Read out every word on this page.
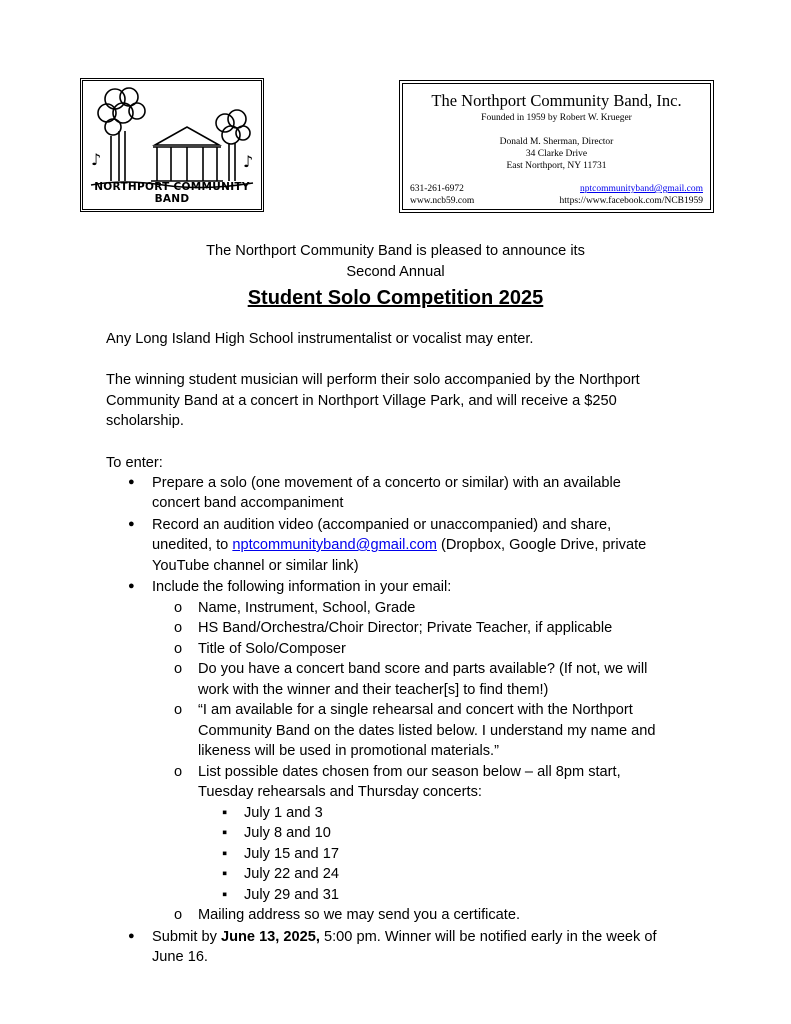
♪	♪
NORTHPORT COMMUNITY BAND
The Northport Community Band, Inc.
Founded in 1959 by Robert W. Krueger
Donald M. Sherman, Director
34 Clarke Drive
East Northport, NY 11731
631-261-6972
www.ncb59.com
nptcommunityband@gmail.com
https://www.facebook.com/NCB1959
The Northport Community Band is pleased to announce its
Second Annual
Student Solo Competition 2025
Any Long Island High School instrumentalist or vocalist may enter.
The winning student musician will perform their solo accompanied by the Northport
Community Band at a concert in Northport Village Park, and will receive a $250
scholarship.
To enter:
● Prepare a solo (one movement of a concerto or similar) with an available
concert band accompaniment
● Record an audition video (accompanied or unaccompanied) and share,
unedited, to nptcommunityband@gmail.com (Dropbox, Google Drive, private
YouTube channel or similar link)
● Include the following information in your email:
o Name, Instrument, School, Grade
o HS Band/Orchestra/Choir Director; Private Teacher, if applicable
o Title of Solo/Composer
o Do you have a concert band score and parts available? (If not, we will
work with the winner and their teacher[s] to find them!)
o “I am available for a single rehearsal and concert with the Northport
Community Band on the dates listed below. I understand my name and
likeness will be used in promotional materials.”
o List possible dates chosen from our season below – all 8pm start,
Tuesday rehearsals and Thursday concerts:
▪ July 1 and 3
▪ July 8 and 10
▪ July 15 and 17
▪ July 22 and 24
▪ July 29 and 31
o Mailing address so we may send you a certificate.
● Submit by June 13, 2025, 5:00 pm. Winner will be notified early in the week of
June 16.
